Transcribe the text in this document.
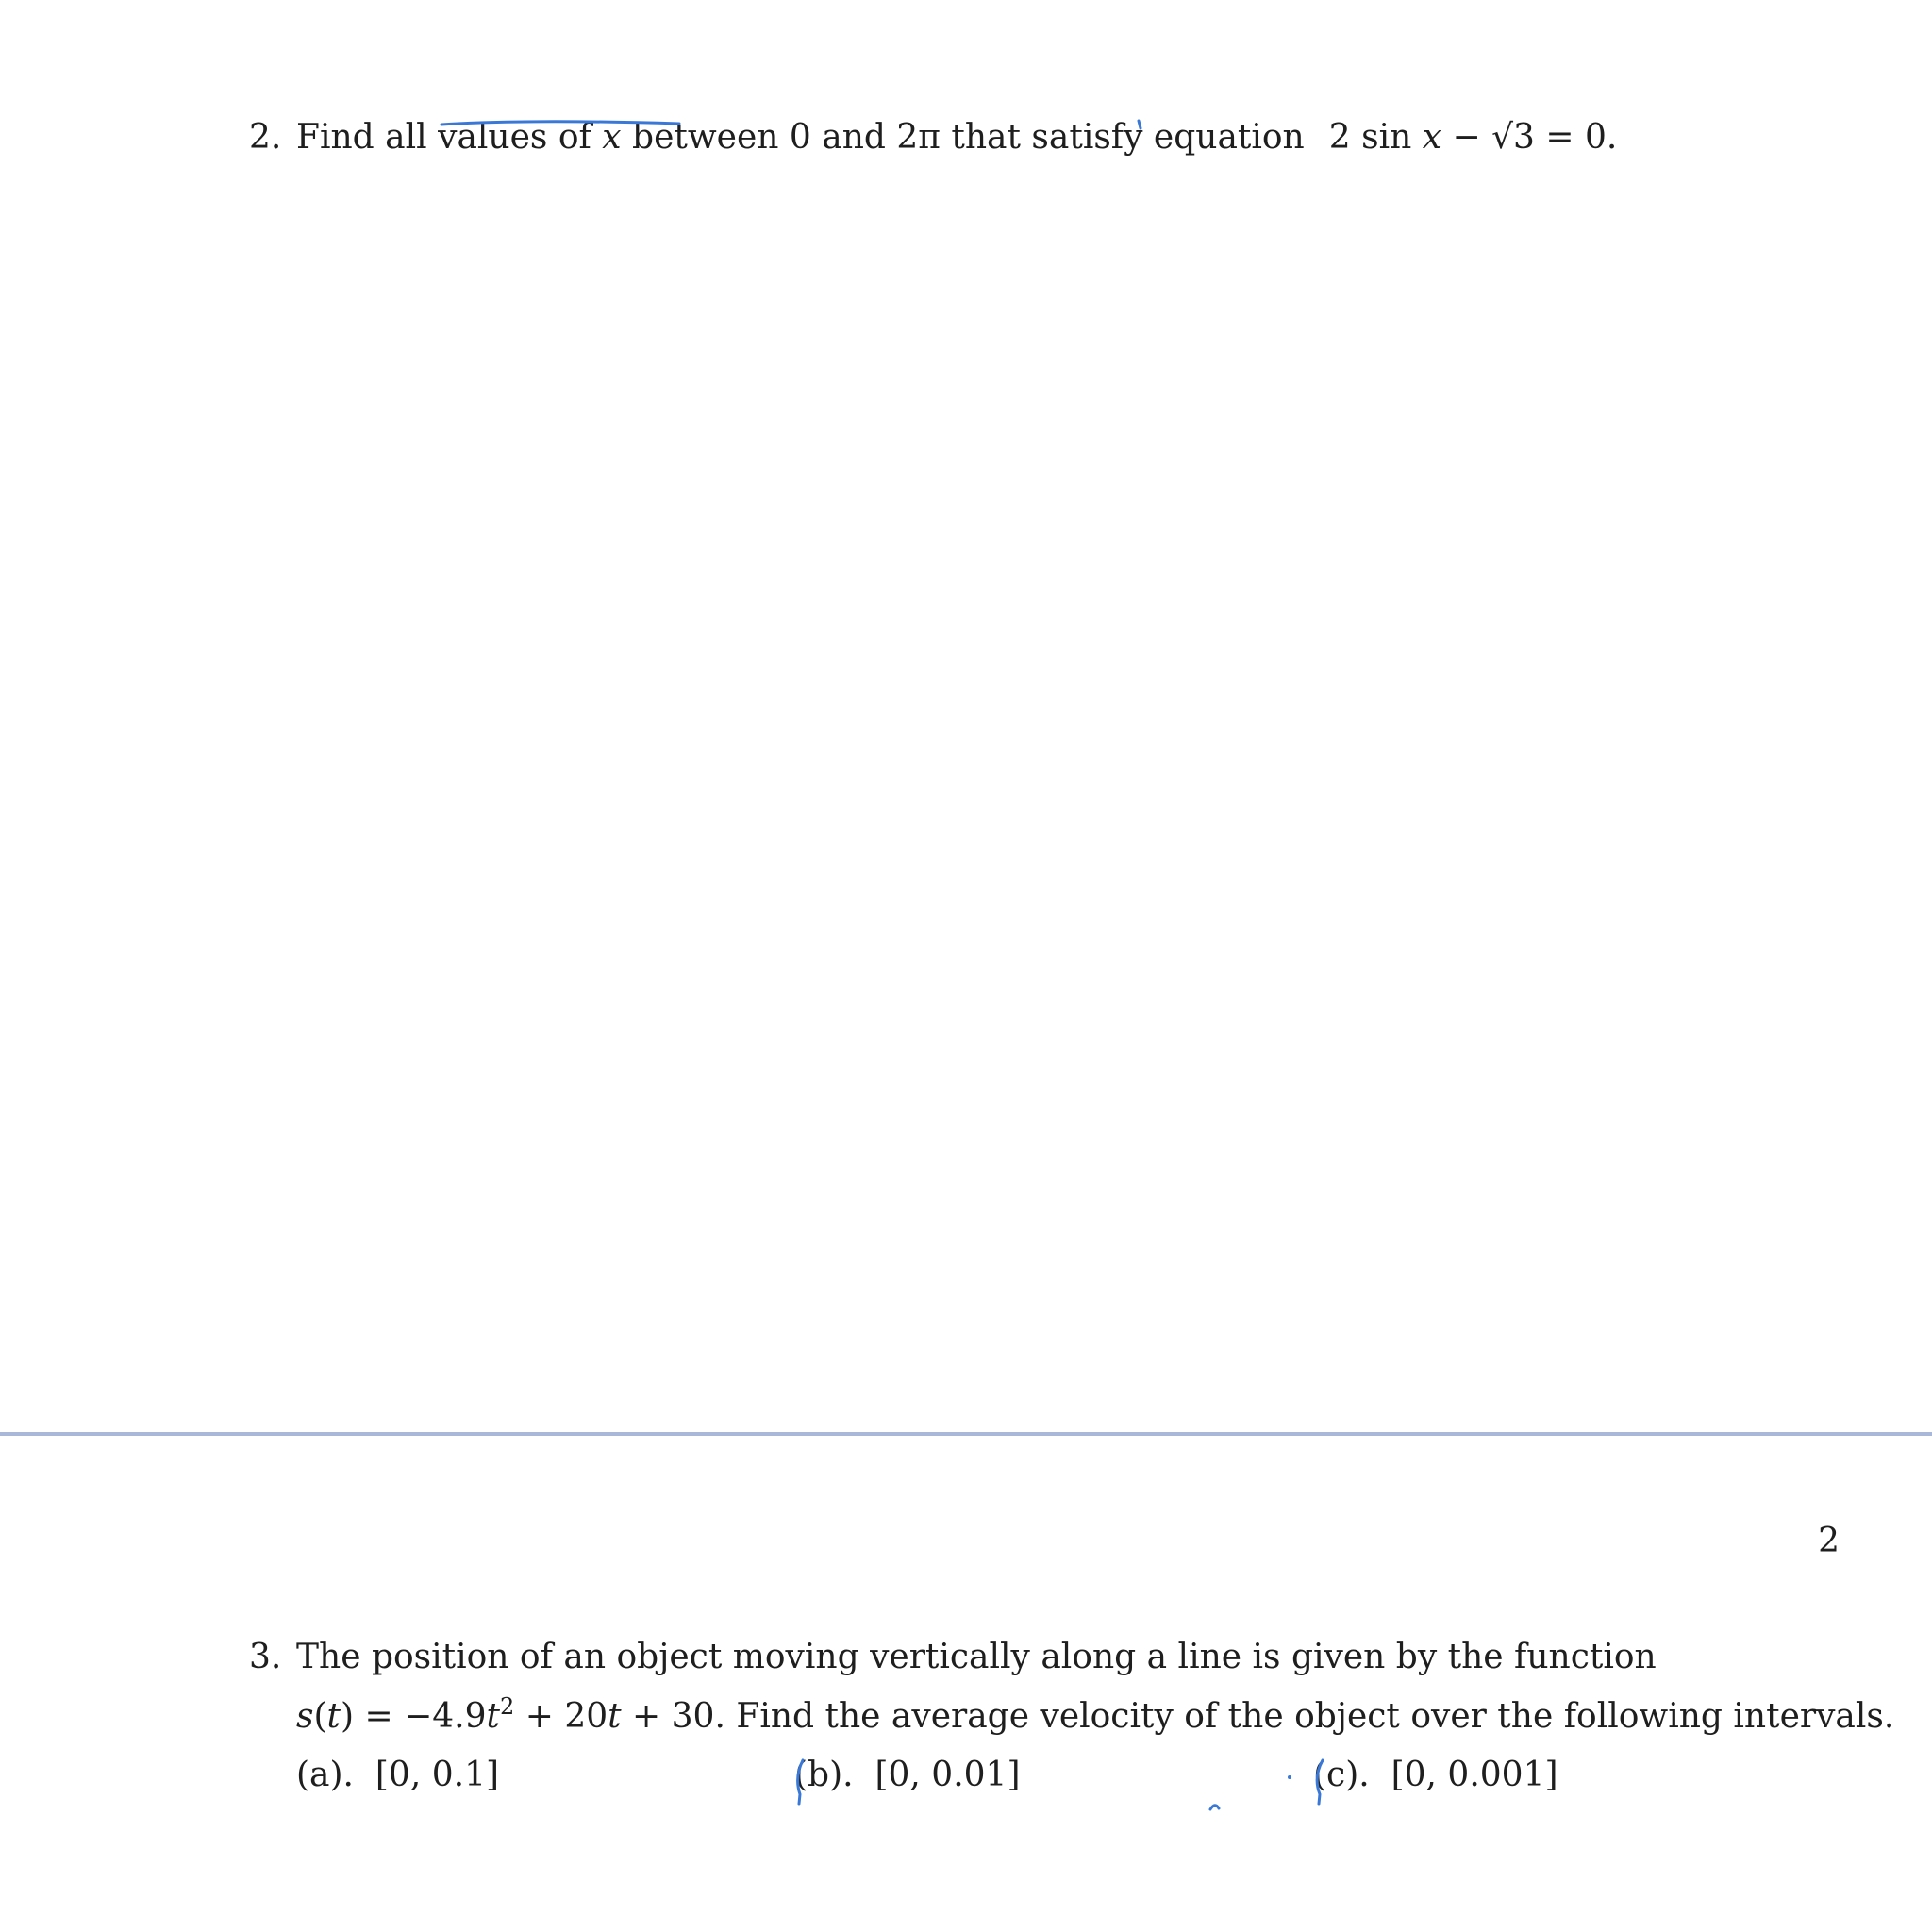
2. Find all values of x between 0 and 2π that satisfy equation 2 sin x − √3 = 0.
2
3. The position of an object moving vertically along a line is given by the function
$s(t) = -4.9t^2 + 20t + 30$. Find the average velocity of the object over the following intervals.
(a). [0, 0.1]	(b). [0, 0.01]	(c). [0, 0.001]
